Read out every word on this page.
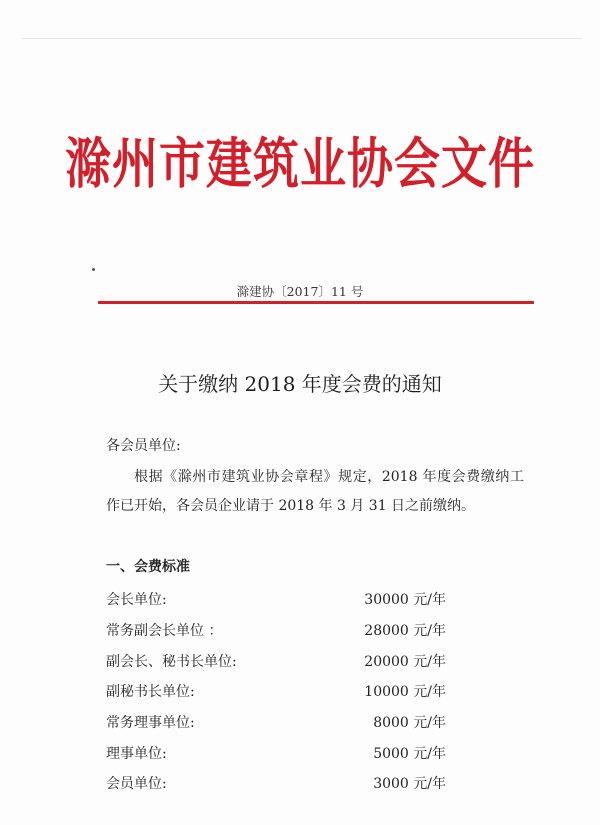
滁州市建筑业协会文件
滁建协〔2017〕11 号
关于缴纳 2018 年度会费的通知
各会员单位:
根据《滁州市建筑业协会章程》规定，2018 年度会费缴纳工作已开始，各会员企业请于 2018 年 3 月 31 日之前缴纳。
一、会费标准
会长单位:	30000 元/年
常务副会长单位 ：	28000 元/年
副会长、秘书长单位:	20000 元/年
副秘书长单位:	10000 元/年
常务理事单位:	8000 元/年
理事单位:	5000 元/年
会员单位:	3000 元/年
